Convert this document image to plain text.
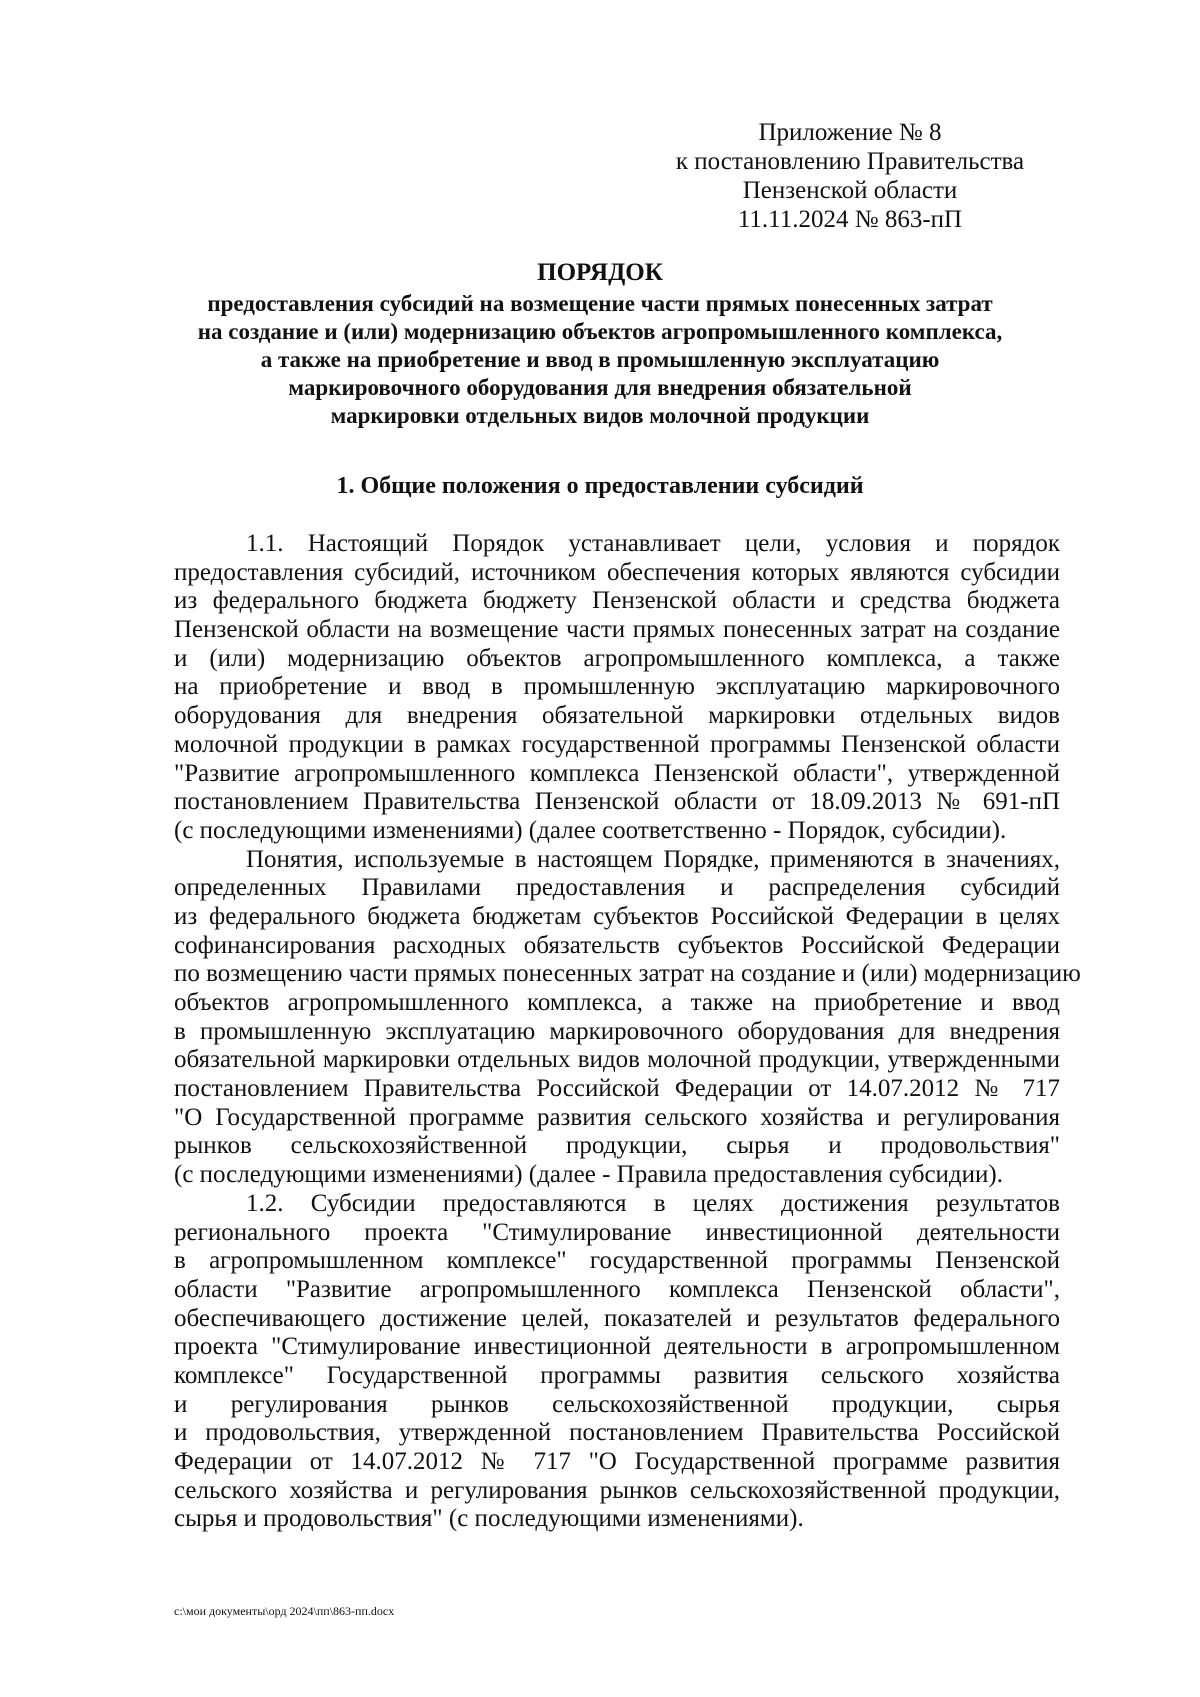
Приложение № 8
к постановлению Правительства
Пензенской области
11.11.2024 № 863-пП
ПОРЯДОК
предоставления субсидий на возмещение части прямых понесенных затрат
на создание и (или) модернизацию объектов агропромышленного комплекса,
а также на приобретение и ввод в промышленную эксплуатацию
маркировочного оборудования для внедрения обязательной
маркировки отдельных видов молочной продукции
1. Общие положения о предоставлении субсидий
1.1. Настоящий Порядок устанавливает цели, условия и порядок
предоставления субсидий, источником обеспечения которых являются субсидии
из федерального бюджета бюджету Пензенской области и средства бюджета
Пензенской области на возмещение части прямых понесенных затрат на создание
и (или) модернизацию объектов агропромышленного комплекса, а также
на приобретение и ввод в промышленную эксплуатацию маркировочного
оборудования для внедрения обязательной маркировки отдельных видов
молочной продукции в рамках государственной программы Пензенской области
"Развитие агропромышленного комплекса Пензенской области", утвержденной
постановлением Правительства Пензенской области от 18.09.2013 № 691-пП
(с последующими изменениями) (далее соответственно - Порядок, субсидии).
Понятия, используемые в настоящем Порядке, применяются в значениях,
определенных Правилами предоставления и распределения субсидий
из федерального бюджета бюджетам субъектов Российской Федерации в целях
софинансирования расходных обязательств субъектов Российской Федерации
по возмещению части прямых понесенных затрат на создание и (или) модернизацию
объектов агропромышленного комплекса, а также на приобретение и ввод
в промышленную эксплуатацию маркировочного оборудования для внедрения
обязательной маркировки отдельных видов молочной продукции, утвержденными
постановлением Правительства Российской Федерации от 14.07.2012 № 717
"О Государственной программе развития сельского хозяйства и регулирования
рынков сельскохозяйственной продукции, сырья и продовольствия"
(с последующими изменениями) (далее - Правила предоставления субсидии).
1.2. Субсидии предоставляются в целях достижения результатов
регионального проекта "Стимулирование инвестиционной деятельности
в агропромышленном комплексе" государственной программы Пензенской
области "Развитие агропромышленного комплекса Пензенской области",
обеспечивающего достижение целей, показателей и результатов федерального
проекта "Стимулирование инвестиционной деятельности в агропромышленном
комплексе" Государственной программы развития сельского хозяйства
и регулирования рынков сельскохозяйственной продукции, сырья
и продовольствия, утвержденной постановлением Правительства Российской
Федерации от 14.07.2012 № 717 "О Государственной программе развития
сельского хозяйства и регулирования рынков сельскохозяйственной продукции,
сырья и продовольствия" (с последующими изменениями).
c:\мои документы\орд 2024\пп\863-пп.docx
